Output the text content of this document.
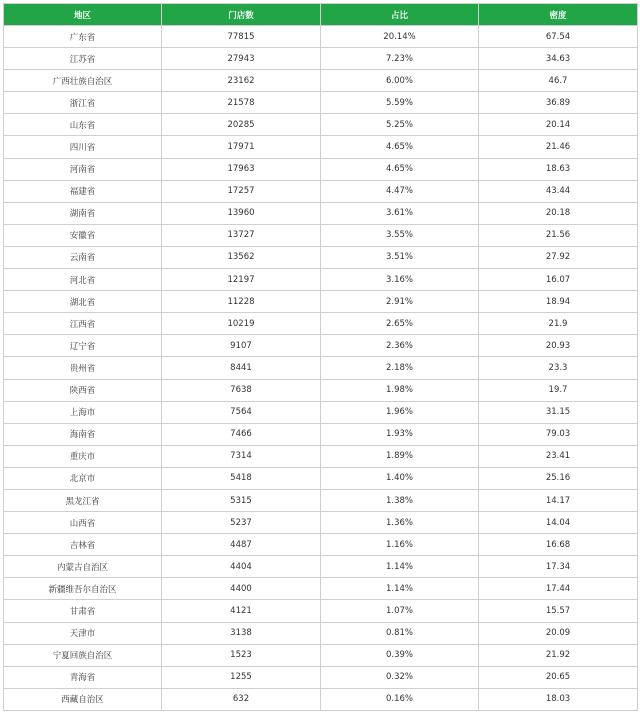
地区	门店数	占比	密度
广东省	77815	20.14%	67.54
江苏省	27943	7.23%	34.63
广西壮族自治区	23162	6.00%	46.7
浙江省	21578	5.59%	36.89
山东省	20285	5.25%	20.14
四川省	17971	4.65%	21.46
河南省	17963	4.65%	18.63
福建省	17257	4.47%	43.44
湖南省	13960	3.61%	20.18
安徽省	13727	3.55%	21.56
云南省	13562	3.51%	27.92
河北省	12197	3.16%	16.07
湖北省	11228	2.91%	18.94
江西省	10219	2.65%	21.9
辽宁省	9107	2.36%	20.93
贵州省	8441	2.18%	23.3
陕西省	7638	1.98%	19.7
上海市	7564	1.96%	31.15
海南省	7466	1.93%	79.03
重庆市	7314	1.89%	23.41
北京市	5418	1.40%	25.16
黑龙江省	5315	1.38%	14.17
山西省	5237	1.36%	14.04
吉林省	4487	1.16%	16.68
内蒙古自治区	4404	1.14%	17.34
新疆维吾尔自治区	4400	1.14%	17.44
甘肃省	4121	1.07%	15.57
天津市	3138	0.81%	20.09
宁夏回族自治区	1523	0.39%	21.92
青海省	1255	0.32%	20.65
西藏自治区	632	0.16%	18.03
